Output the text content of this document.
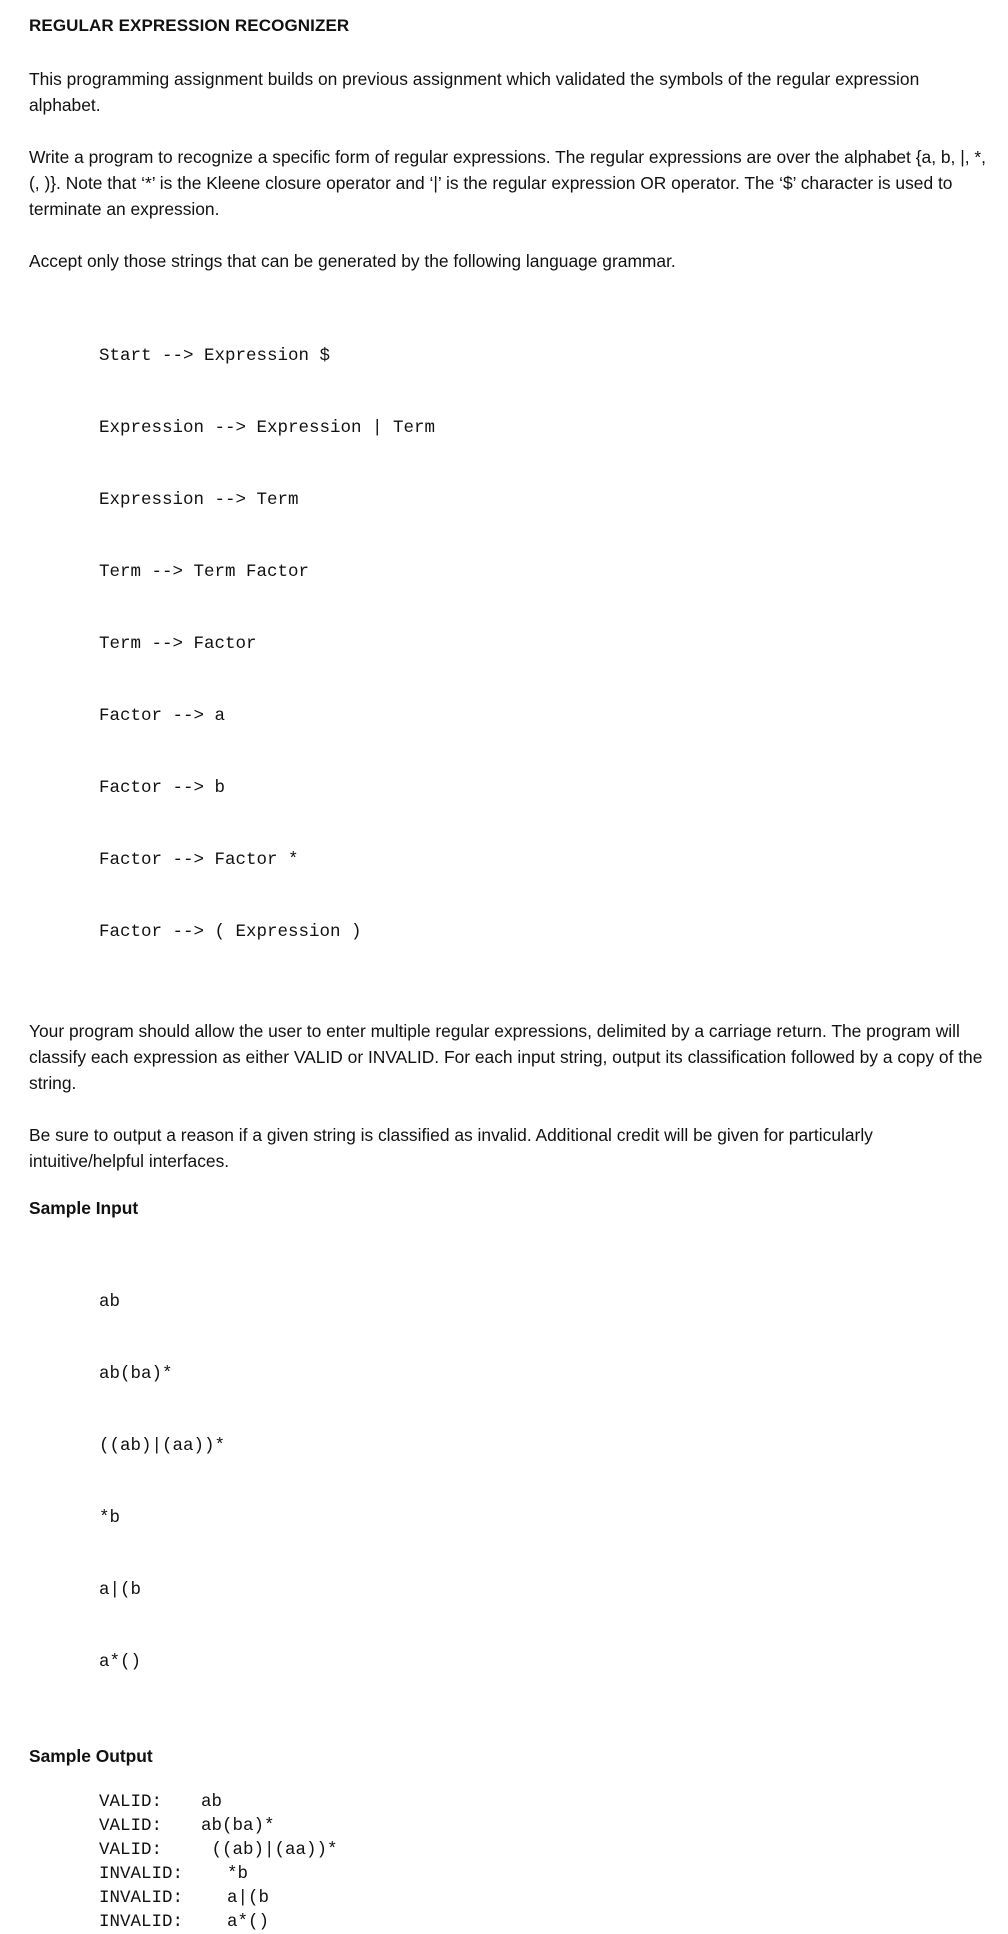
REGULAR EXPRESSION RECOGNIZER

This programming assignment builds on previous assignment which validated the symbols of the regular expression alphabet.

Write a program to recognize a specific form of regular expressions. The regular expressions are over the alphabet {a, b, |, *, (, )}. Note that ‘*’ is the Kleene closure operator and ‘|’ is the regular expression OR operator. The ‘$’ character is used to terminate an expression.

Accept only those strings that can be generated by the following language grammar.

Start --> Expression $

Expression --> Expression | Term

Expression --> Term

Term --> Term Factor

Term --> Factor

Factor --> a

Factor --> b

Factor --> Factor *

Factor --> ( Expression )

Your program should allow the user to enter multiple regular expressions, delimited by a carriage return. The program will classify each expression as either VALID or INVALID. For each input string, output its classification followed by a copy of the string.

Be sure to output a reason if a given string is classified as invalid. Additional credit will be given for particularly intuitive/helpful interfaces.

Sample Input

ab

ab(ba)*

((ab)|(aa))*

*b

a|(b

a*()

Sample Output
VALID:	ab
VALID:	ab(ba)*
VALID:	((ab)|(aa))*
INVALID:	*b
INVALID:	a|(b
INVALID:	a*()
